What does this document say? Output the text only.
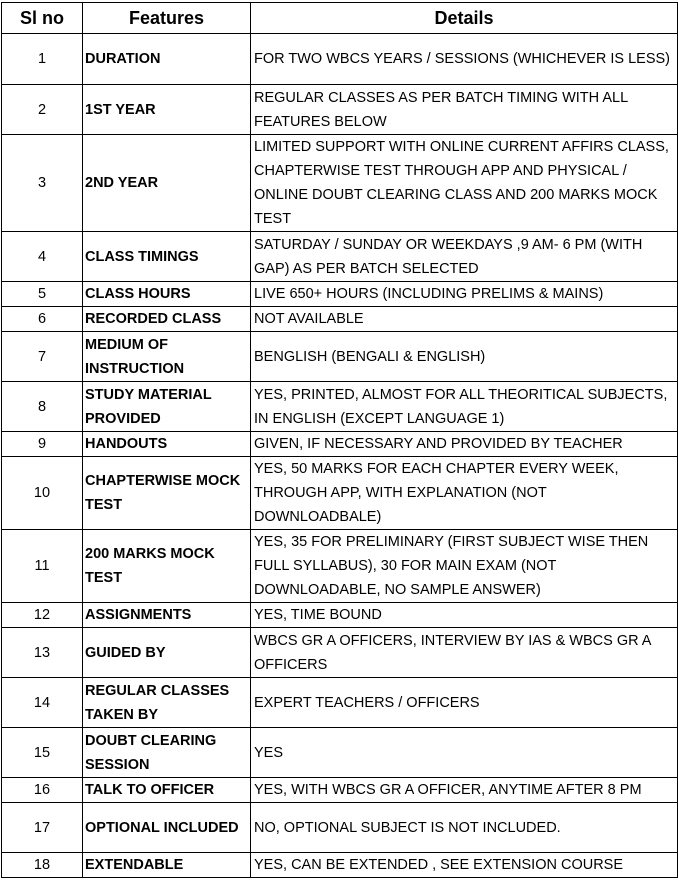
Sl no	Features	Details
1	DURATION	FOR TWO WBCS YEARS / SESSIONS (WHICHEVER IS LESS)
2	1ST YEAR	REGULAR CLASSES AS PER BATCH TIMING WITH ALL FEATURES BELOW
3	2ND YEAR	LIMITED SUPPORT WITH ONLINE CURRENT AFFIRS CLASS, CHAPTERWISE TEST THROUGH APP AND PHYSICAL / ONLINE DOUBT CLEARING CLASS AND 200 MARKS MOCK TEST
4	CLASS TIMINGS	SATURDAY / SUNDAY OR WEEKDAYS ,9 AM- 6 PM (WITH GAP) AS PER BATCH SELECTED
5	CLASS HOURS	LIVE 650+ HOURS (INCLUDING PRELIMS & MAINS)
6	RECORDED CLASS	NOT AVAILABLE
7	MEDIUM OF INSTRUCTION	BENGLISH (BENGALI & ENGLISH)
8	STUDY MATERIAL PROVIDED	YES, PRINTED, ALMOST FOR ALL THEORITICAL SUBJECTS, IN ENGLISH (EXCEPT LANGUAGE 1)
9	HANDOUTS	GIVEN, IF NECESSARY AND PROVIDED BY TEACHER
10	CHAPTERWISE MOCK TEST	YES, 50 MARKS FOR EACH CHAPTER EVERY WEEK, THROUGH APP, WITH EXPLANATION (NOT DOWNLOADBALE)
11	200 MARKS MOCK TEST	YES, 35 FOR PRELIMINARY (FIRST SUBJECT WISE THEN FULL SYLLABUS), 30 FOR MAIN EXAM (NOT DOWNLOADABLE, NO SAMPLE ANSWER)
12	ASSIGNMENTS	YES, TIME BOUND
13	GUIDED BY	WBCS GR A OFFICERS, INTERVIEW BY IAS & WBCS GR A OFFICERS
14	REGULAR CLASSES TAKEN BY	EXPERT TEACHERS / OFFICERS
15	DOUBT CLEARING SESSION	YES
16	TALK TO OFFICER	YES, WITH WBCS GR A OFFICER, ANYTIME AFTER 8 PM
17	OPTIONAL INCLUDED	NO, OPTIONAL SUBJECT IS NOT INCLUDED.
18	EXTENDABLE	YES, CAN BE EXTENDED , SEE EXTENSION COURSE
